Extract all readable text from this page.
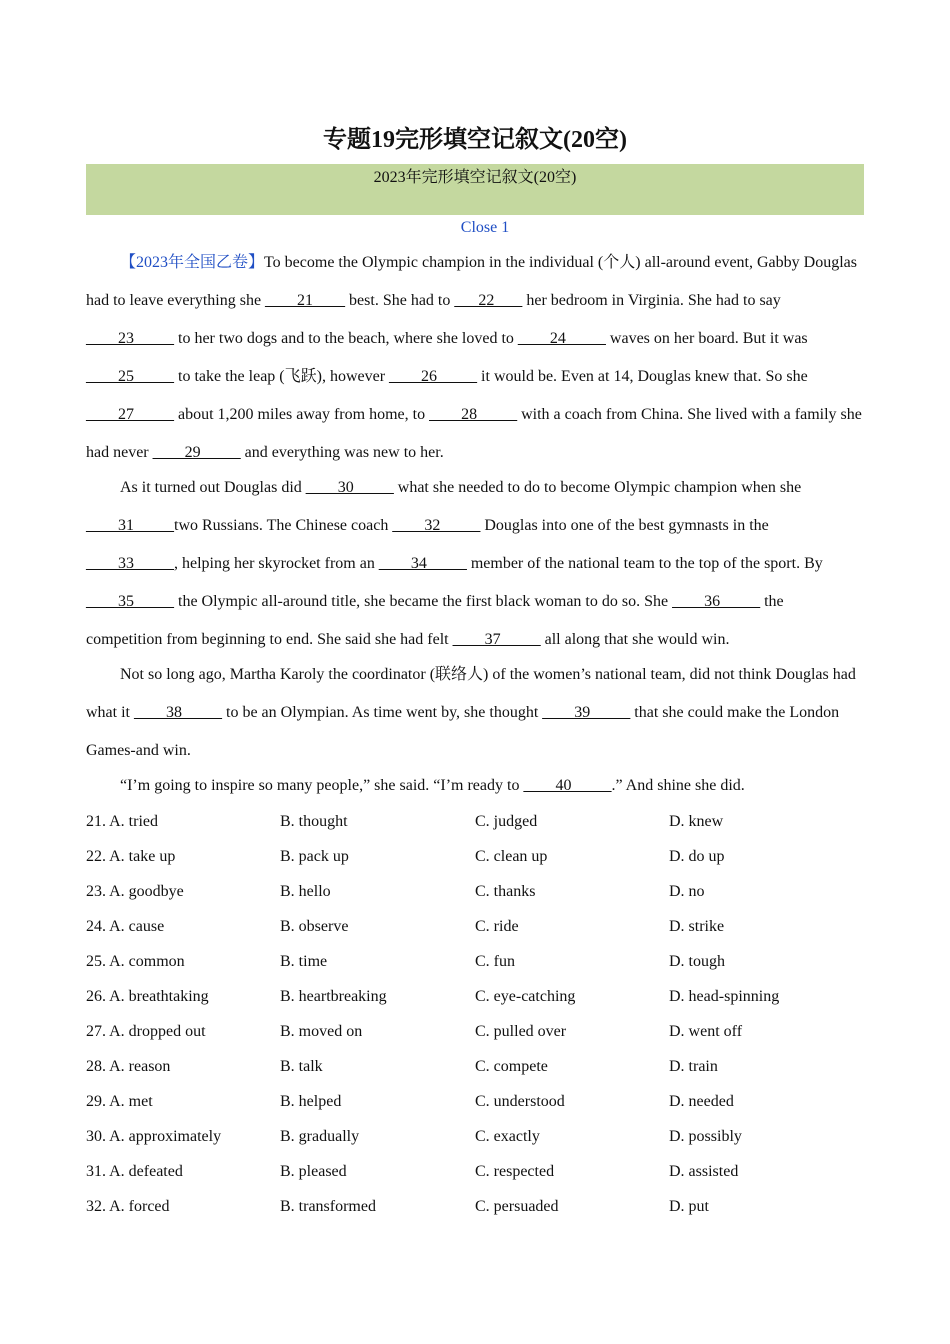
专题19完形填空记叙文(20空)
2023年完形填空记叙文(20空)
Close 1

【2023年全国乙卷】To become the Olympic champion in the individual (个人) all-around event, Gabby Douglas had to leave everything she ____21____ best. She had to ___22___  her bedroom in Virginia. She had to say ____23_____ to her two dogs and to the beach, where she loved to ____24_____ waves on her board. But it was ____25_____ to take the leap (飞跃), however ____26_____ it would be. Even at 14, Douglas knew that. So she ____27_____ about 1,200 miles away from home, to ____28_____ with a coach from China. She lived with a family she had never ____29_____ and everything was new to her.

As it turned out Douglas did ____30_____ what she needed to do to become Olympic champion when she ____31_____two Russians. The Chinese coach ____32_____ Douglas into one of the best gymnasts in the ____33_____, helping her skyrocket from an ____34_____ member of the national team to the top of the sport. By ____35_____ the Olympic all-around title, she became the first black woman to do so. She ____36_____ the competition from beginning to end. She said she had felt ____37_____ all along that she would win.

Not so long ago, Martha Karoly the coordinator (联络人) of the women’s national team, did not think Douglas had what it ____38_____ to be an Olympian. As time went by, she thought ____39_____ that she could make the London Games-and win.

“I’m going to inspire so many people,” she said. “I’m ready to ____40_____.” And shine she did.

21. A. tried	B. thought	C. judged	D. knew
22. A. take up	B. pack up	C. clean up	D. do up
23. A. goodbye	B. hello	C. thanks	D. no
24. A. cause	B. observe	C. ride	D. strike
25. A. common	B. time	C. fun	D. tough
26. A. breathtaking	B. heartbreaking	C. eye-catching	D. head-spinning
27. A. dropped out	B. moved on	C. pulled over	D. went off
28. A. reason	B. talk	C. compete	D. train
29. A. met	B. helped	C. understood	D. needed
30. A. approximately	B. gradually	C. exactly	D. possibly
31. A. defeated	B. pleased	C. respected	D. assisted
32. A. forced	B. transformed	C. persuaded	D. put
